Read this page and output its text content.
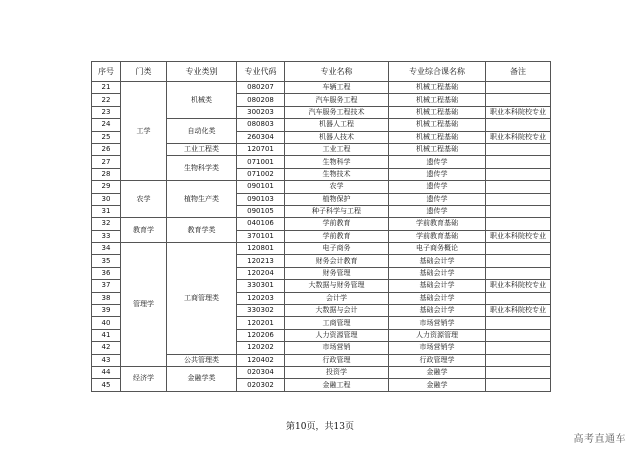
序号	门类	专业类别	专业代码	专业名称	专业综合课名称	备注
21	工学	机械类	080207	车辆工程	机械工程基础	
22			080208	汽车服务工程	机械工程基础	
23			300203	汽车服务工程技术	机械工程基础	职业本科院校专业
24		自动化类	080803	机器人工程	机械工程基础	
25			260304	机器人技术	机械工程基础	职业本科院校专业
26		工业工程类	120701	工业工程	机械工程基础	
27		生物科学类	071001	生物科学	遗传学	
28			071002	生物技术	遗传学	
29	农学	植物生产类	090101	农学	遗传学	
30			090103	植物保护	遗传学	
31			090105	种子科学与工程	遗传学	
32	教育学	教育学类	040106	学前教育	学前教育基础	
33			370101	学前教育	学前教育基础	职业本科院校专业
34	管理学	工商管理类	120801	电子商务	电子商务概论	
35			120213	财务会计教育	基础会计学	
36			120204	财务管理	基础会计学	
37			330301	大数据与财务管理	基础会计学	职业本科院校专业
38			120203	会计学	基础会计学	
39			330302	大数据与会计	基础会计学	职业本科院校专业
40			120201	工商管理	市场营销学	
41			120206	人力资源管理	人力资源管理	
42			120202	市场营销	市场营销学	
43		公共管理类	120402	行政管理	行政管理学	
44	经济学	金融学类	020304	投资学	金融学	
45			020302	金融工程	金融学	
第10页，共13页
高考直通车
